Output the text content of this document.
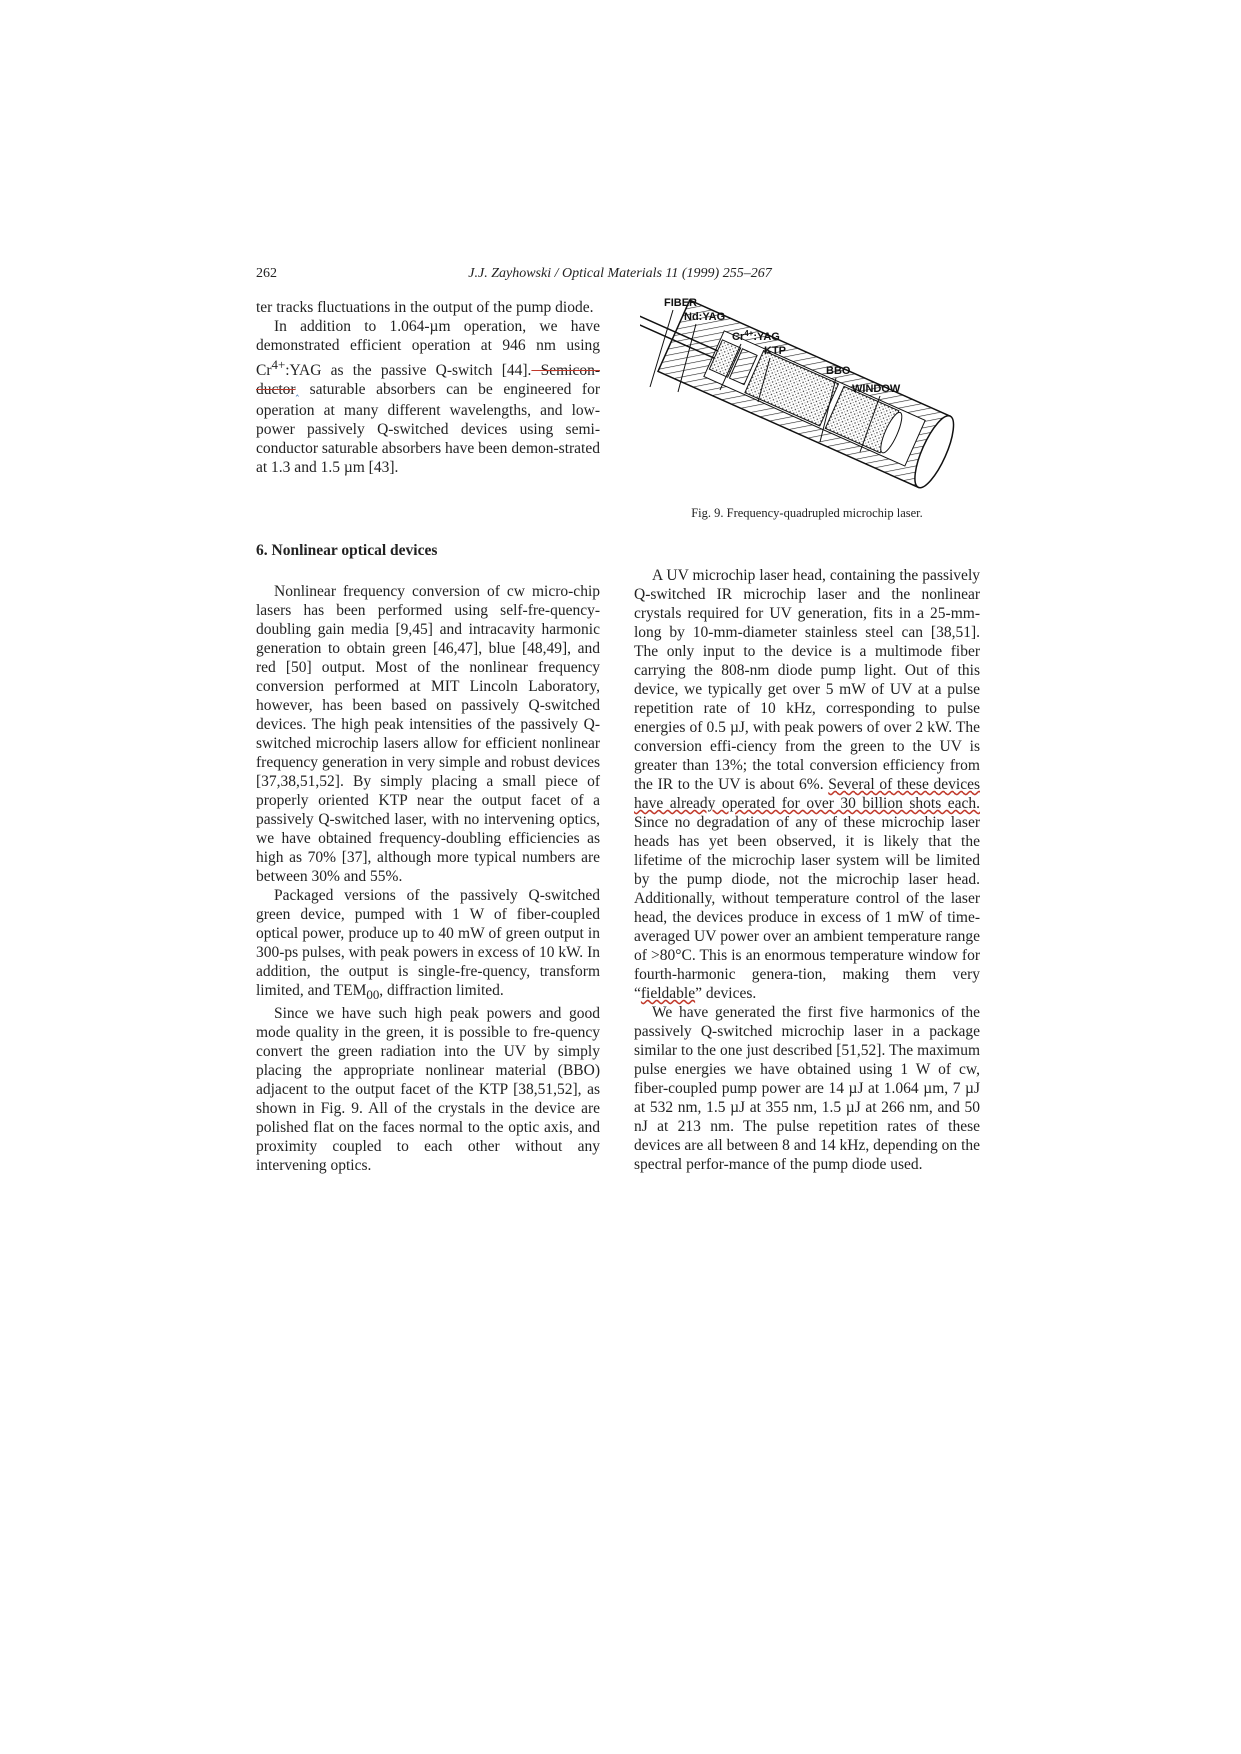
262	J.J. Zayhowski / Optical Materials 11 (1999) 255–267

ter tracks fluctuations in the output of the pump diode.

In addition to 1.064-µm operation, we have demonstrated efficient operation at 946 nm using $Cr^{4+}:YAG$ as the passive Q-switch [44]. Semicon-ductor‸ saturable absorbers can be engineered for operation at many different wavelengths, and low-power passively Q-switched devices using semi-conductor saturable absorbers have been demon-strated at 1.3 and 1.5 µm [43].

FIBER
Nd:YAG
$Cr^{4+}:YAG$
KTP
BBO
WINDOW
Fig. 9. Frequency-quadrupled microchip laser.
6. Nonlinear optical devices

Nonlinear frequency conversion of cw micro-chip lasers has been performed using self-fre-quency-doubling gain media [9,45] and intracavity harmonic generation to obtain green [46,47], blue [48,49], and red [50] output. Most of the nonlinear frequency conversion performed at MIT Lincoln Laboratory, however, has been based on passively Q-switched devices. The high peak intensities of the passively Q-switched microchip lasers allow for efficient nonlinear frequency generation in very simple and robust devices [37,38,51,52]. By simply placing a small piece of properly oriented KTP near the output facet of a passively Q-switched laser, with no intervening optics, we have obtained frequency-doubling efficiencies as high as 70% [37], although more typical numbers are between 30% and 55%.

Packaged versions of the passively Q-switched green device, pumped with 1 W of fiber-coupled optical power, produce up to 40 mW of green output in 300-ps pulses, with peak powers in excess of 10 kW. In addition, the output is single-fre-quency, transform limited, and $TEM_{00}$, diffraction limited.

Since we have such high peak powers and good mode quality in the green, it is possible to fre-quency convert the green radiation into the UV by simply placing the appropriate nonlinear material (BBO) adjacent to the output facet of the KTP [38,51,52], as shown in Fig. 9. All of the crystals in the device are polished flat on the faces normal to the optic axis, and proximity coupled to each other without any intervening optics.

A UV microchip laser head, containing the passively Q-switched IR microchip laser and the nonlinear crystals required for UV generation, fits in a 25-mm-long by 10-mm-diameter stainless steel can [38,51]. The only input to the device is a multimode fiber carrying the 808-nm diode pump light. Out of this device, we typically get over 5 mW of UV at a pulse repetition rate of 10 kHz, corresponding to pulse energies of 0.5 µJ, with peak powers of over 2 kW. The conversion effi-ciency from the green to the UV is greater than 13%; the total conversion efficiency from the IR to the UV is about 6%. Several of these devices have already operated for over 30 billion shots each. Since no degradation of any of these microchip laser heads has yet been observed, it is likely that the lifetime of the microchip laser system will be limited by the pump diode, not the microchip laser head. Additionally, without temperature control of the laser head, the devices produce in excess of 1 mW of time-averaged UV power over an ambient temperature range of >80°C. This is an enormous temperature window for fourth-harmonic genera-tion, making them very “fieldable” devices.

We have generated the first five harmonics of the passively Q-switched microchip laser in a package similar to the one just described [51,52]. The maximum pulse energies we have obtained using 1 W of cw, fiber-coupled pump power are 14 µJ at 1.064 µm, 7 µJ at 532 nm, 1.5 µJ at 355 nm, 1.5 µJ at 266 nm, and 50 nJ at 213 nm. The pulse repetition rates of these devices are all between 8 and 14 kHz, depending on the spectral perfor-mance of the pump diode used.
